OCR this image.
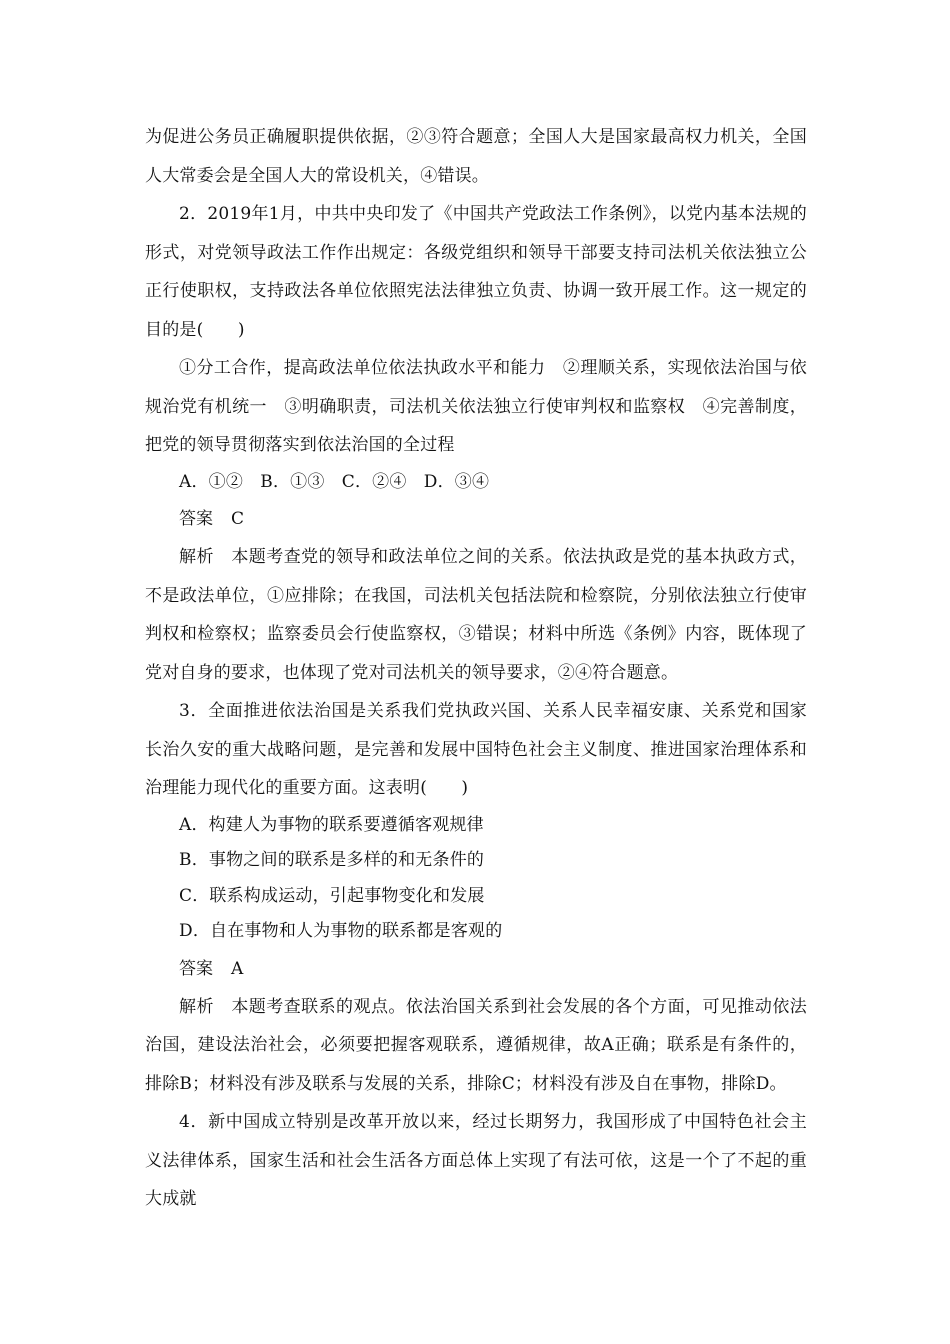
为促进公务员正确履职提供依据，②③符合题意；全国人大是国家最高权力机关，全国人大常委会是全国人大的常设机关，④错误。

2．2019年1月，中共中央印发了《中国共产党政法工作条例》，以党内基本法规的形式，对党领导政法工作作出规定：各级党组织和领导干部要支持司法机关依法独立公正行使职权，支持政法各单位依照宪法法律独立负责、协调一致开展工作。这一规定的目的是(　　)

①分工合作，提高政法单位依法执政水平和能力　②理顺关系，实现依法治国与依规治党有机统一　③明确职责，司法机关依法独立行使审判权和监察权　④完善制度，把党的领导贯彻落实到依法治国的全过程

A．①②　B．①③　C．②④　D．③④

答案 C

解析　本题考查党的领导和政法单位之间的关系。依法执政是党的基本执政方式，不是政法单位，①应排除；在我国，司法机关包括法院和检察院，分别依法独立行使审判权和检察权；监察委员会行使监察权，③错误；材料中所选《条例》内容，既体现了党对自身的要求，也体现了党对司法机关的领导要求，②④符合题意。

3．全面推进依法治国是关系我们党执政兴国、关系人民幸福安康、关系党和国家长治久安的重大战略问题，是完善和发展中国特色社会主义制度、推进国家治理体系和治理能力现代化的重要方面。这表明(　　)

A．构建人为事物的联系要遵循客观规律

B．事物之间的联系是多样的和无条件的

C．联系构成运动，引起事物变化和发展

D．自在事物和人为事物的联系都是客观的

答案 A

解析　本题考查联系的观点。依法治国关系到社会发展的各个方面，可见推动依法治国，建设法治社会，必须要把握客观联系，遵循规律，故A正确；联系是有条件的，排除B；材料没有涉及联系与发展的关系，排除C；材料没有涉及自在事物，排除D。

4．新中国成立特别是改革开放以来，经过长期努力，我国形成了中国特色社会主义法律体系，国家生活和社会生活各方面总体上实现了有法可依，这是一个了不起的重大成就
